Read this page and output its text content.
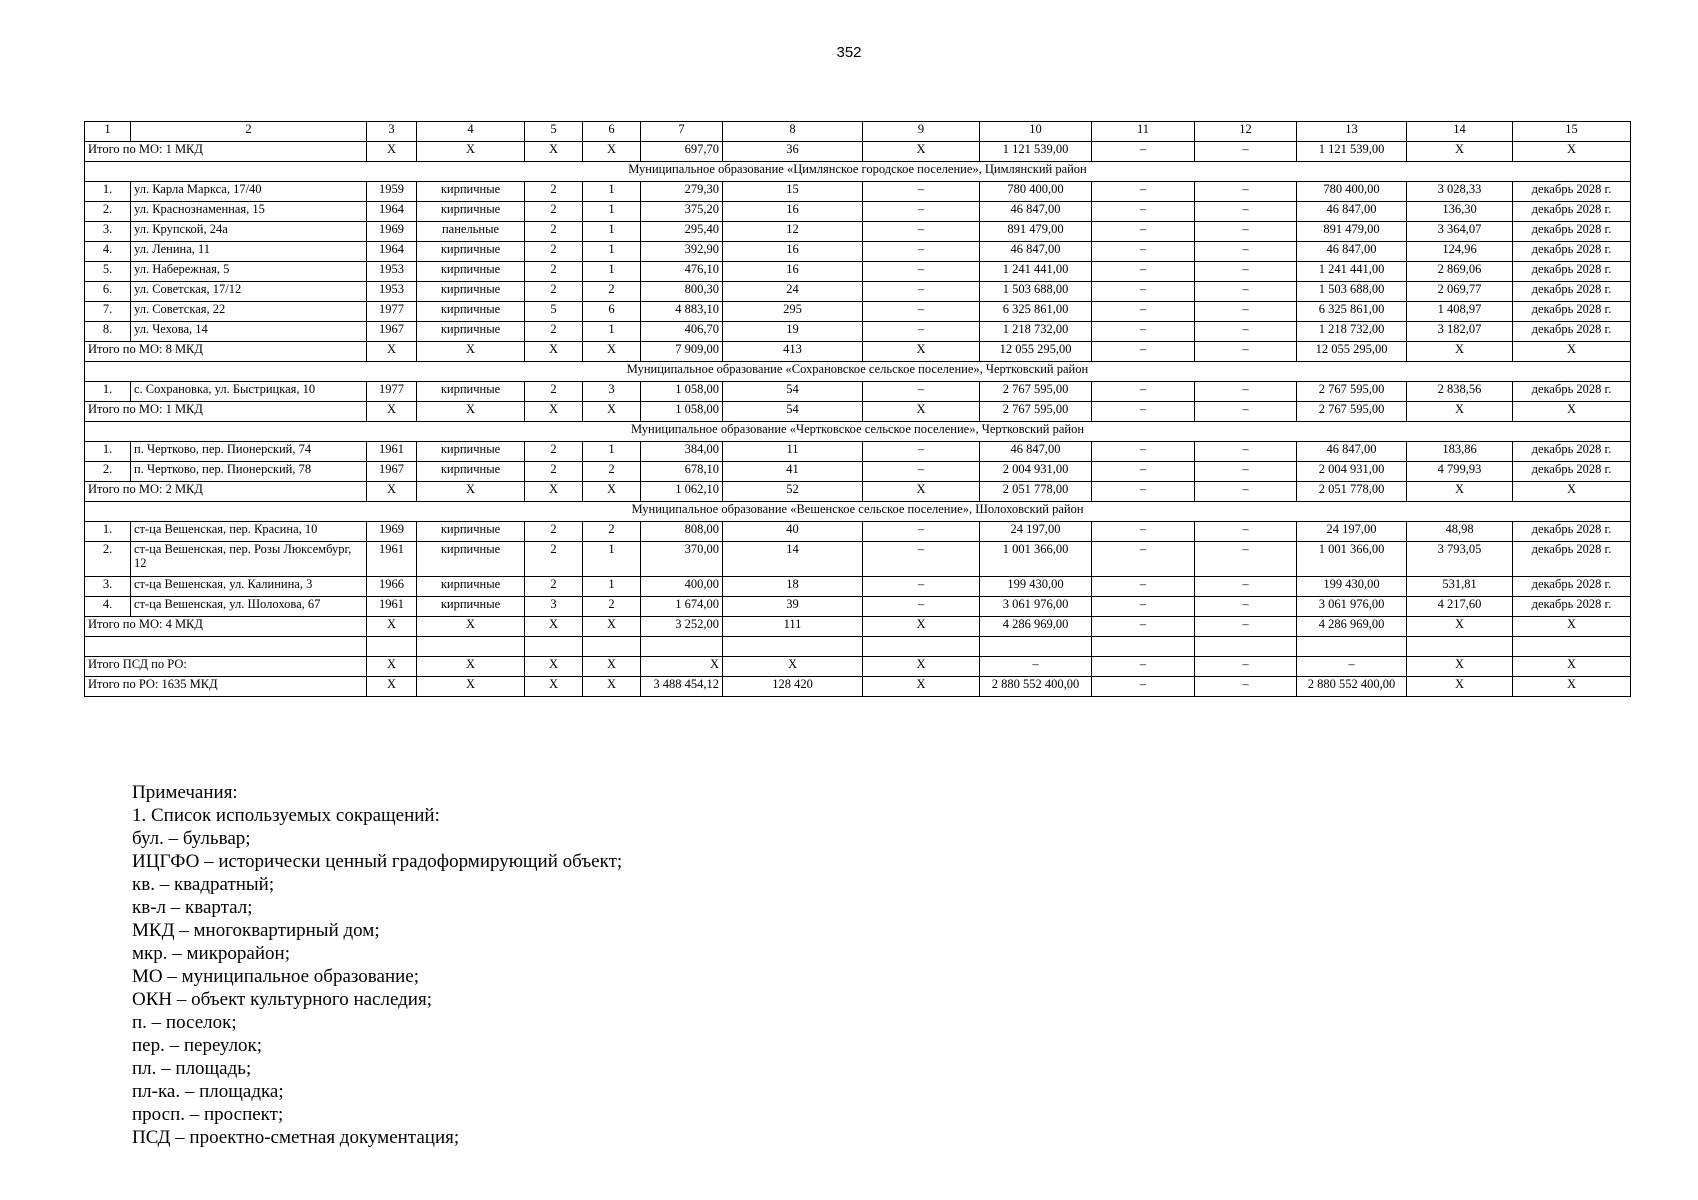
352
1	2	3	4	5	6	7	8	9	10	11	12	13	14	15
Итого по МО: 1 МКД		Х	Х	Х	Х	697,70	36	Х	1 121 539,00	–	–	1 121 539,00	Х	Х
Муниципальное образование «Цимлянское городское поселение», Цимлянский район														
1.	ул. Карла Маркса, 17/40	1959	кирпичные	2	1	279,30	15	–	780 400,00	–	–	780 400,00	3 028,33	декабрь 2028 г.
2.	ул. Краснознаменная, 15	1964	кирпичные	2	1	375,20	16	–	46 847,00	–	–	46 847,00	136,30	декабрь 2028 г.
3.	ул. Крупской, 24а	1969	панельные	2	1	295,40	12	–	891 479,00	–	–	891 479,00	3 364,07	декабрь 2028 г.
4.	ул. Ленина, 11	1964	кирпичные	2	1	392,90	16	–	46 847,00	–	–	46 847,00	124,96	декабрь 2028 г.
5.	ул. Набережная, 5	1953	кирпичные	2	1	476,10	16	–	1 241 441,00	–	–	1 241 441,00	2 869,06	декабрь 2028 г.
6.	ул. Советская, 17/12	1953	кирпичные	2	2	800,30	24	–	1 503 688,00	–	–	1 503 688,00	2 069,77	декабрь 2028 г.
7.	ул. Советская, 22	1977	кирпичные	5	6	4 883,10	295	–	6 325 861,00	–	–	6 325 861,00	1 408,97	декабрь 2028 г.
8.	ул. Чехова, 14	1967	кирпичные	2	1	406,70	19	–	1 218 732,00	–	–	1 218 732,00	3 182,07	декабрь 2028 г.
Итого по МО: 8 МКД		Х	Х	Х	Х	7 909,00	413	Х	12 055 295,00	–	–	12 055 295,00	Х	Х
Муниципальное образование «Сохрановское сельское поселение», Чертковский район														
1.	с. Сохрановка, ул. Быстрицкая, 10	1977	кирпичные	2	3	1 058,00	54	–	2 767 595,00	–	–	2 767 595,00	2 838,56	декабрь 2028 г.
Итого по МО: 1 МКД		Х	Х	Х	Х	1 058,00	54	Х	2 767 595,00	–	–	2 767 595,00	Х	Х
Муниципальное образование «Чертковское сельское поселение», Чертковский район														
1.	п. Чертково, пер. Пионерский, 74	1961	кирпичные	2	1	384,00	11	–	46 847,00	–	–	46 847,00	183,86	декабрь 2028 г.
2.	п. Чертково, пер. Пионерский, 78	1967	кирпичные	2	2	678,10	41	–	2 004 931,00	–	–	2 004 931,00	4 799,93	декабрь 2028 г.
Итого по МО: 2 МКД		Х	Х	Х	Х	1 062,10	52	Х	2 051 778,00	–	–	2 051 778,00	Х	Х
Муниципальное образование «Вешенское сельское поселение», Шолоховский район														
1.	ст-ца Вешенская, пер. Красина, 10	1969	кирпичные	2	2	808,00	40	–	24 197,00	–	–	24 197,00	48,98	декабрь 2028 г.
2.	ст-ца Вешенская, пер. Розы Люксембург, 12	1961	кирпичные	2	1	370,00	14	–	1 001 366,00	–	–	1 001 366,00	3 793,05	декабрь 2028 г.
3.	ст-ца Вешенская, ул. Калинина, 3	1966	кирпичные	2	1	400,00	18	–	199 430,00	–	–	199 430,00	531,81	декабрь 2028 г.
4.	ст-ца Вешенская, ул. Шолохова, 67	1961	кирпичные	3	2	1 674,00	39	–	3 061 976,00	–	–	3 061 976,00	4 217,60	декабрь 2028 г.
Итого по МО: 4 МКД		Х	Х	Х	Х	3 252,00	111	Х	4 286 969,00	–	–	4 286 969,00	Х	Х

Итого ПСД по РО:		Х	Х	Х	Х	Х	Х	Х	–	–	–	–	Х	Х
Итого по РО: 1635 МКД		Х	Х	Х	Х	3 488 454,12	128 420	Х	2 880 552 400,00	–	–	2 880 552 400,00	Х	Х
Примечания:
1. Список используемых сокращений:
бул. – бульвар;
ИЦГФО – исторически ценный градоформирующий объект;
кв. – квадратный;
кв-л – квартал;
МКД – многоквартирный дом;
мкр. – микрорайон;
МО – муниципальное образование;
ОКН – объект культурного наследия;
п. – поселок;
пер. – переулок;
пл. – площадь;
пл-ка. – площадка;
просп. – проспект;
ПСД – проектно-сметная документация;
